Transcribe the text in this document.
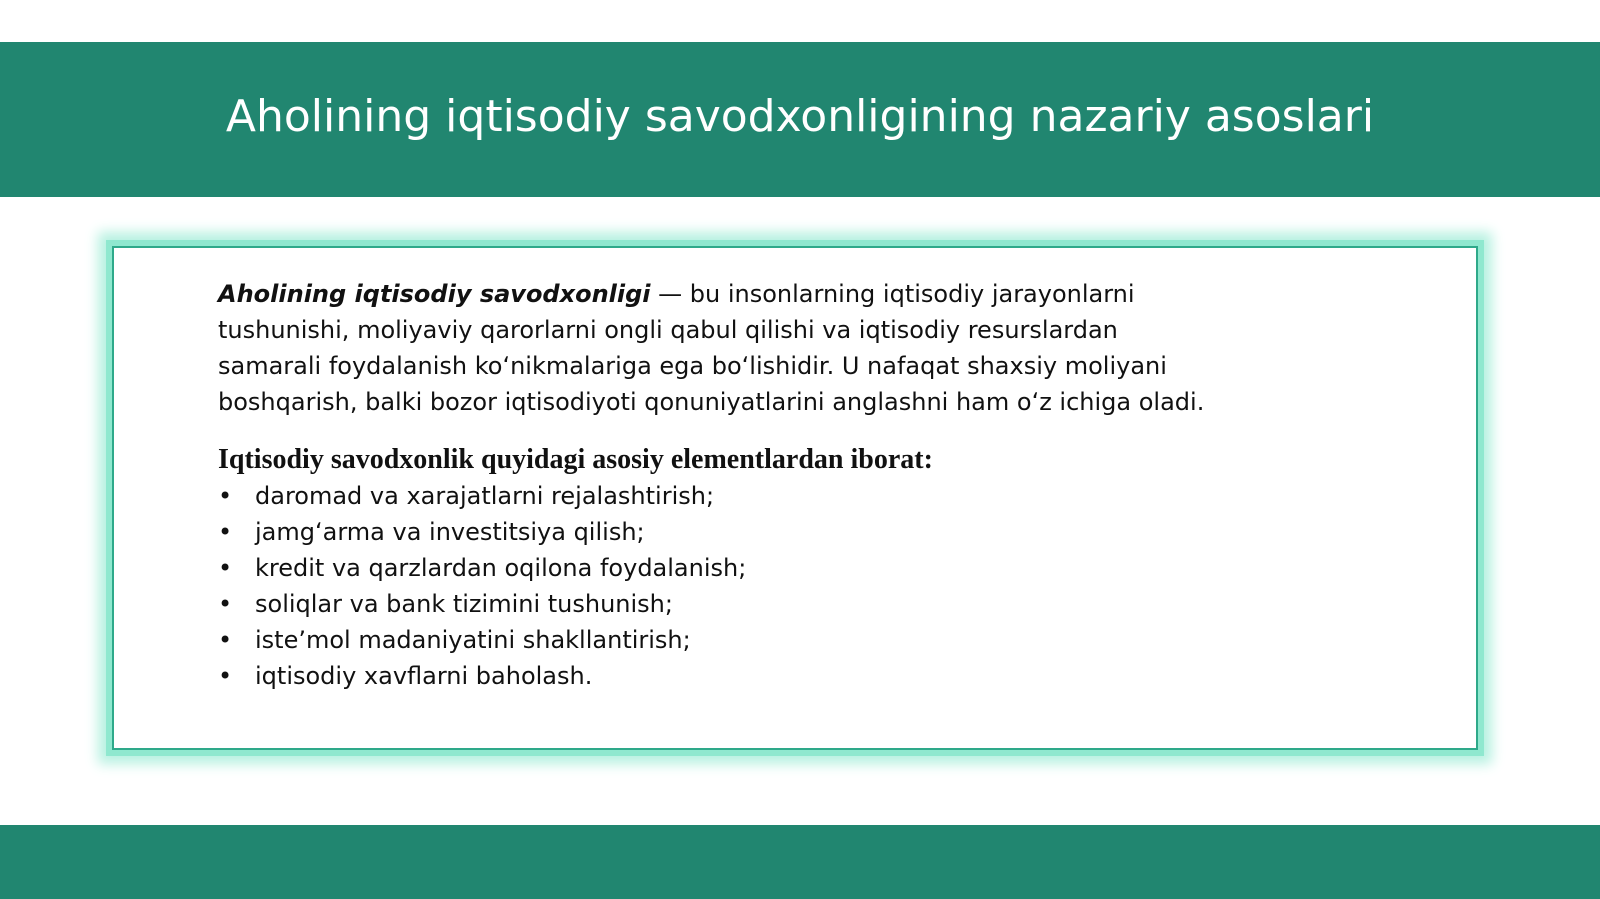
Aholining iqtisodiy savodxonligining nazariy asoslari

Aholining iqtisodiy savodxonligi — bu insonlarning iqtisodiy jarayonlarni tushunishi, moliyaviy qarorlarni ongli qabul qilishi va iqtisodiy resurslardan samarali foydalanish koʻnikmalariga ega boʻlishidir. U nafaqat shaxsiy moliyani boshqarish, balki bozor iqtisodiyoti qonuniyatlarini anglashni ham oʻz ichiga oladi.

Iqtisodiy savodxonlik quyidagi asosiy elementlardan iborat:
• daromad va xarajatlarni rejalashtirish;
• jamgʻarma va investitsiya qilish;
• kredit va qarzlardan oqilona foydalanish;
• soliqlar va bank tizimini tushunish;
• iste’mol madaniyatini shakllantirish;
• iqtisodiy xavflarni baholash.
